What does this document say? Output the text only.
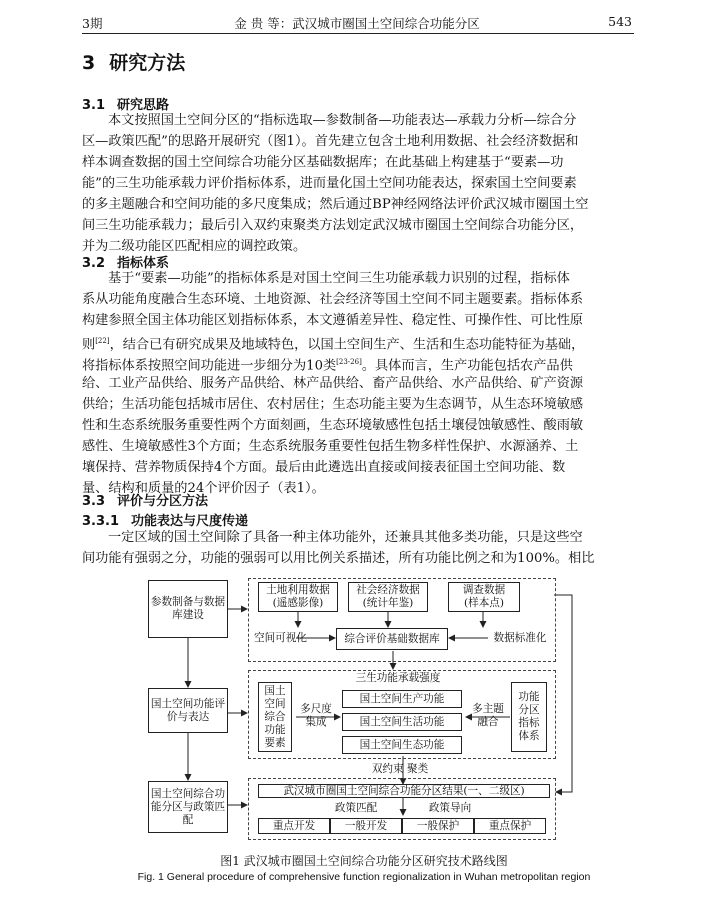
3期	金 贵 等：武汉城市圈国土空间综合功能分区	543
3 研究方法
3.1 研究思路
本文按照国土空间分区的“指标选取—参数制备—功能表达—承载力分析—综合分
区—政策匹配”的思路开展研究（图1）。首先建立包含土地利用数据、社会经济数据和
样本调查数据的国土空间综合功能分区基础数据库；在此基础上构建基于“要素—功
能”的三生功能承载力评价指标体系，进而量化国土空间功能表达，探索国土空间要素
的多主题融合和空间功能的多尺度集成；然后通过BP神经网络法评价武汉城市圈国土空
间三生功能承载力；最后引入双约束聚类方法划定武汉城市圈国土空间综合功能分区，
并为二级功能区匹配相应的调控政策。
3.2 指标体系
基于“要素—功能”的指标体系是对国土空间三生功能承载力识别的过程，指标体
系从功能角度融合生态环境、土地资源、社会经济等国土空间不同主题要素。指标体系
构建参照全国主体功能区划指标体系，本文遵循差异性、稳定性、可操作性、可比性原
则[22]，结合已有研究成果及地域特色，以国土空间生产、生活和生态功能特征为基础，
将指标体系按照空间功能进一步细分为10类[23-26]。具体而言，生产功能包括农产品供
给、工业产品供给、服务产品供给、林产品供给、畜产品供给、水产品供给、矿产资源
供给；生活功能包括城市居住、农村居住；生态功能主要为生态调节，从生态环境敏感
性和生态系统服务重要性两个方面刻画，生态环境敏感性包括土壤侵蚀敏感性、酸雨敏
感性、生境敏感性3个方面；生态系统服务重要性包括生物多样性保护、水源涵养、土
壤保持、营养物质保持4个方面。最后由此遴选出直接或间接表征国土空间功能、数
量、结构和质量的24个评价因子（表1）。
3.3 评价与分区方法
3.3.1 功能表达与尺度传递
一定区域的国土空间除了具备一种主体功能外，还兼具其他多类功能，只是这些空
间功能有强弱之分，功能的强弱可以用比例关系描述，所有功能比例之和为100%。相比
参数制备与数据库建设
国土空间功能评价与表达
国土空间综合功能分区与政策匹配
土地利用数据
(遥感影像)
社会经济数据
(统计年鉴)
调查数据
(样本点)
空间可视化	综合评价基础数据库	数据标准化
三生功能承载强度
国土空间综合功能要素
多尺度集成
国土空间生产功能
国土空间生活功能
国土空间生态功能
多主题融合
功能分区指标体系
双约束 聚类
武汉城市圈国土空间综合功能分区结果(一、二级区)
政策匹配	政策导向
重点开发	一般开发	一般保护	重点保护
图1 武汉城市圈国土空间综合功能分区研究技术路线图
Fig. 1 General procedure of comprehensive function regionalization in Wuhan metropolitan region
